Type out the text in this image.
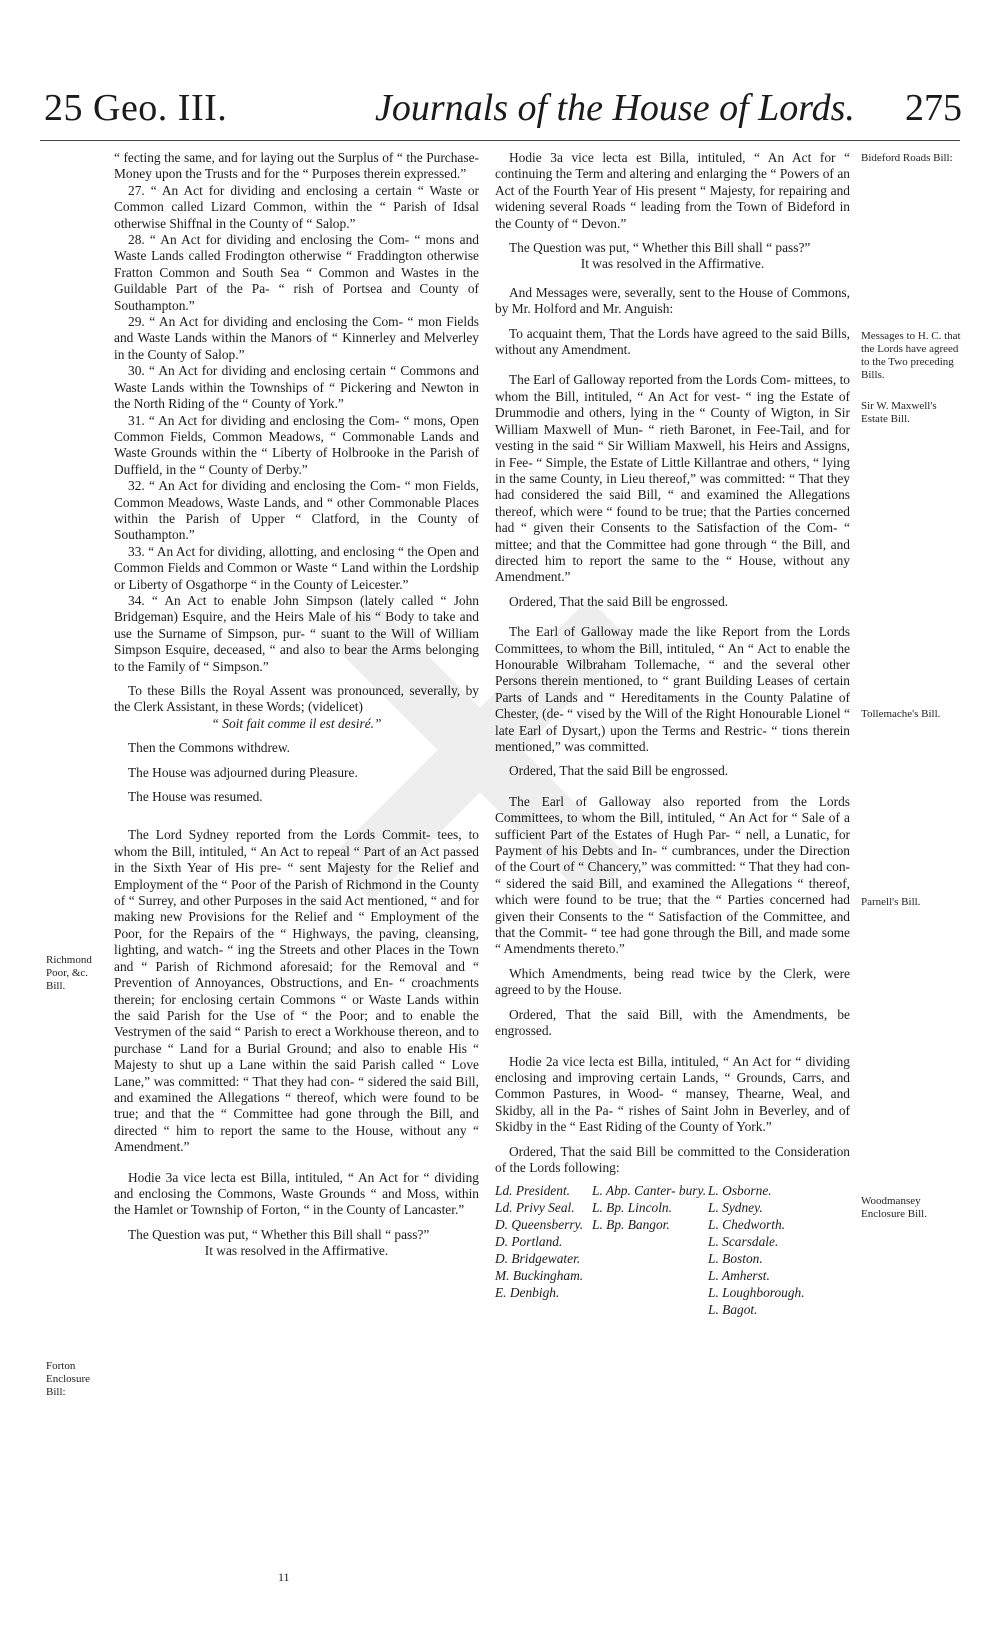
25 Geo. III.	Journals of the House of Lords. 275

“ fecting the same, and for laying out the Surplus of “ the Purchase-Money upon the Trusts and for the “ Purposes therein expressed.”

27. “ An Act for dividing and enclosing a certain “ Waste or Common called Lizard Common, within the “ Parish of Idsal otherwise Shiffnal in the County of “ Salop.”

28. “ An Act for dividing and enclosing the Com- “ mons and Waste Lands called Frodington otherwise “ Fraddington otherwise Fratton Common and South Sea “ Common and Wastes in the Guildable Part of the Pa- “ rish of Portsea and County of Southampton.”

29. “ An Act for dividing and enclosing the Com- “ mon Fields and Waste Lands within the Manors of “ Kinnerley and Melverley in the County of Salop.”

30. “ An Act for dividing and enclosing certain “ Commons and Waste Lands within the Townships of “ Pickering and Newton in the North Riding of the “ County of York.”

31. “ An Act for dividing and enclosing the Com- “ mons, Open Common Fields, Common Meadows, “ Commonable Lands and Waste Grounds within the “ Liberty of Holbrooke in the Parish of Duffield, in the “ County of Derby.”

32. “ An Act for dividing and enclosing the Com- “ mon Fields, Common Meadows, Waste Lands, and “ other Commonable Places within the Parish of Upper “ Clatford, in the County of Southampton.”

33. “ An Act for dividing, allotting, and enclosing “ the Open and Common Fields and Common or Waste “ Land within the Lordship or Liberty of Osgathorpe “ in the County of Leicester.”

34. “ An Act to enable John Simpson (lately called “ John Bridgeman) Esquire, and the Heirs Male of his “ Body to take and use the Surname of Simpson, pur- “ suant to the Will of William Simpson Esquire, deceased, “ and also to bear the Arms belonging to the Family of “ Simpson.”

To these Bills the Royal Assent was pronounced, severally, by the Clerk Assistant, in these Words; (videlicet)

“ Soit fait comme il est desiré.”

Then the Commons withdrew.

The House was adjourned during Pleasure.

The House was resumed.

The Lord Sydney reported from the Lords Commit- tees, to whom the Bill, intituled, “ An Act to repeal “ Part of an Act passed in the Sixth Year of His pre- “ sent Majesty for the Relief and Employment of the “ Poor of the Parish of Richmond in the County of “ Surrey, and other Purposes in the said Act mentioned, “ and for making new Provisions for the Relief and “ Employment of the Poor, for the Repairs of the “ Highways, the paving, cleansing, lighting, and watch- “ ing the Streets and other Places in the Town and “ Parish of Richmond aforesaid; for the Removal and “ Prevention of Annoyances, Obstructions, and En- “ croachments therein; for enclosing certain Commons “ or Waste Lands within the said Parish for the Use of “ the Poor; and to enable the Vestrymen of the said “ Parish to erect a Workhouse thereon, and to purchase “ Land for a Burial Ground; and also to enable His “ Majesty to shut up a Lane within the said Parish called “ Love Lane,” was committed: “ That they had con- “ sidered the said Bill, and examined the Allegations “ thereof, which were found to be true; and that the “ Committee had gone through the Bill, and directed “ him to report the same to the House, without any “ Amendment.”

Hodie 3a vice lecta est Billa, intituled, “ An Act for “ dividing and enclosing the Commons, Waste Grounds “ and Moss, within the Hamlet or Township of Forton, “ in the County of Lancaster.”

The Question was put, “ Whether this Bill shall “ pass?”

It was resolved in the Affirmative.

Hodie 3a vice lecta est Billa, intituled, “ An Act for “ continuing the Term and altering and enlarging the “ Powers of an Act of the Fourth Year of His present “ Majesty, for repairing and widening several Roads “ leading from the Town of Bideford in the County of “ Devon.”

The Question was put, “ Whether this Bill shall “ pass?”

It was resolved in the Affirmative.

And Messages were, severally, sent to the House of Commons, by Mr. Holford and Mr. Anguish:

To acquaint them, That the Lords have agreed to the said Bills, without any Amendment.

The Earl of Galloway reported from the Lords Com- mittees, to whom the Bill, intituled, “ An Act for vest- “ ing the Estate of Drummodie and others, lying in the “ County of Wigton, in Sir William Maxwell of Mun- “ rieth Baronet, in Fee-Tail, and for vesting in the said “ Sir William Maxwell, his Heirs and Assigns, in Fee- “ Simple, the Estate of Little Killantrae and others, “ lying in the same County, in Lieu thereof,” was committed: “ That they had considered the said Bill, “ and examined the Allegations thereof, which were “ found to be true; that the Parties concerned had “ given their Consents to the Satisfaction of the Com- “ mittee; and that the Committee had gone through “ the Bill, and directed him to report the same to the “ House, without any Amendment.”

Ordered, That the said Bill be engrossed.

The Earl of Galloway made the like Report from the Lords Committees, to whom the Bill, intituled, “ An “ Act to enable the Honourable Wilbraham Tollemache, “ and the several other Persons therein mentioned, to “ grant Building Leases of certain Parts of Lands and “ Hereditaments in the County Palatine of Chester, (de- “ vised by the Will of the Right Honourable Lionel “ late Earl of Dysart,) upon the Terms and Restric- “ tions therein mentioned,” was committed.

Ordered, That the said Bill be engrossed.

The Earl of Galloway also reported from the Lords Committees, to whom the Bill, intituled, “ An Act for “ Sale of a sufficient Part of the Estates of Hugh Par- “ nell, a Lunatic, for Payment of his Debts and In- “ cumbrances, under the Direction of the Court of “ Chancery,” was committed: “ That they had con- “ sidered the said Bill, and examined the Allegations “ thereof, which were found to be true; that the “ Parties concerned had given their Consents to the “ Satisfaction of the Committee, and that the Commit- “ tee had gone through the Bill, and made some “ Amendments thereto.”

Which Amendments, being read twice by the Clerk, were agreed to by the House.

Ordered, That the said Bill, with the Amendments, be engrossed.

Hodie 2a vice lecta est Billa, intituled, “ An Act for “ dividing enclosing and improving certain Lands, “ Grounds, Carrs, and Common Pastures, in Wood- “ mansey, Thearne, Weal, and Skidby, all in the Pa- “ rishes of Saint John in Beverley, and of Skidby in the “ East Riding of the County of York.”

Ordered, That the said Bill be committed to the Consideration of the Lords following:

Ld. President.
Ld. Privy Seal.
D. Queensberry.
D. Portland.
D. Bridgewater.
M. Buckingham.
E. Denbigh.
L. Abp. Canter- bury.
L. Bp. Lincoln.
L. Bp. Bangor.
L. Osborne.
L. Sydney.
L. Chedworth.
L. Scarsdale.
L. Boston.
L. Amherst.
L. Loughborough.
L. Bagot.
Richmond Poor, &c. Bill.
Forton Enclosure Bill:
Bideford Roads Bill:
Messages to H. C. that the Lords have agreed to the Two preceding Bills.
Sir W. Maxwell's Estate Bill.
Tollemache's Bill.
Parnell's Bill.
Woodmansey Enclosure Bill.
11
